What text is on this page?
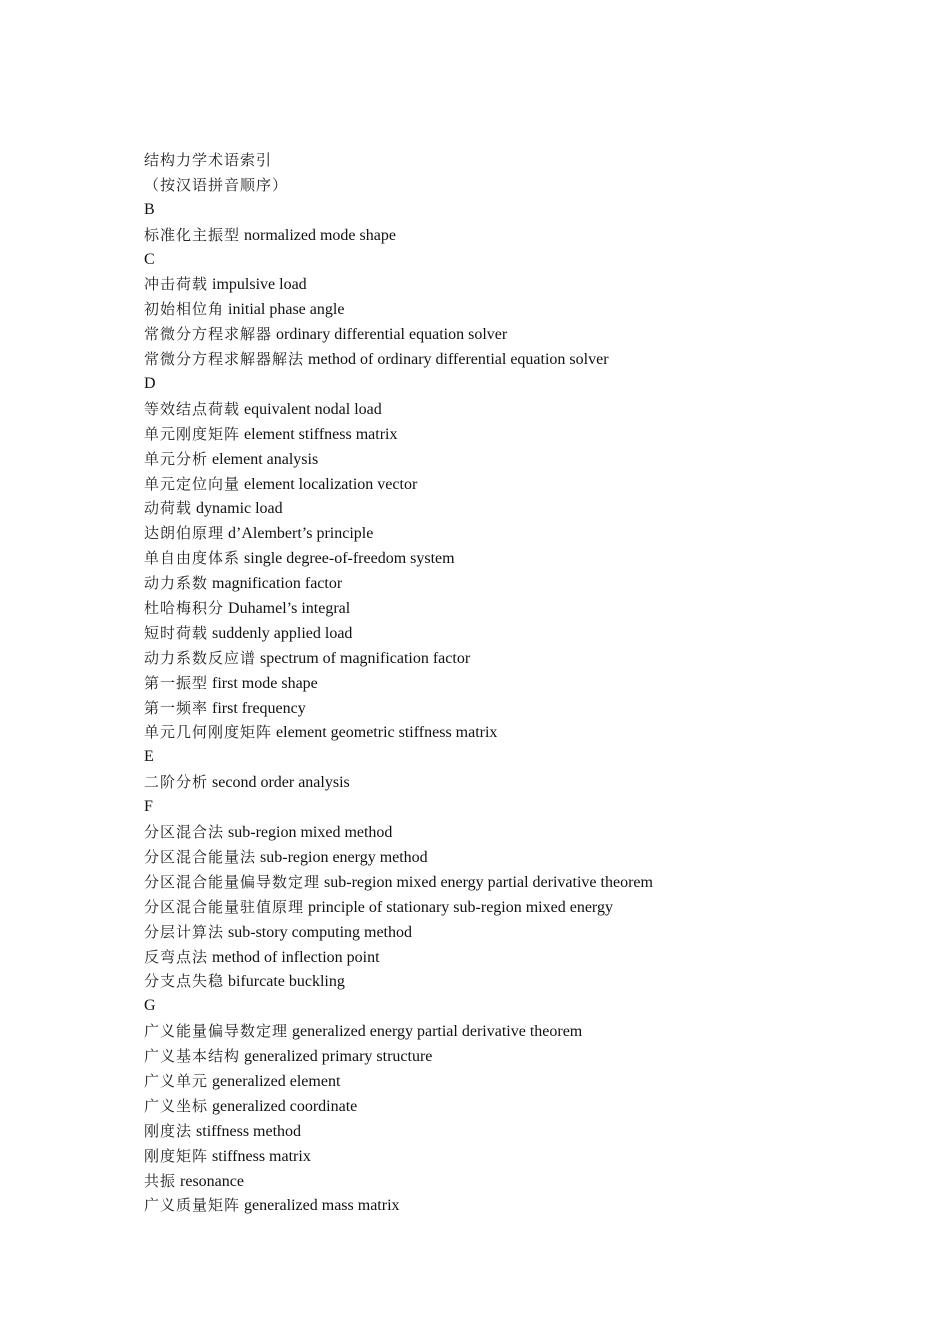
结构力学术语索引
（按汉语拼音顺序）
B
标准化主振型 normalized mode shape
C
冲击荷载 impulsive load
初始相位角 initial phase angle
常微分方程求解器 ordinary differential equation solver
常微分方程求解器解法 method of ordinary differential equation solver
D
等效结点荷载 equivalent nodal load
单元刚度矩阵 element stiffness matrix
单元分析 element analysis
单元定位向量 element localization vector
动荷载 dynamic load
达朗伯原理 d’Alembert’s principle
单自由度体系 single degree-of-freedom system
动力系数 magnification factor
杜哈梅积分 Duhamel’s integral
短时荷载 suddenly applied load
动力系数反应谱 spectrum of magnification factor
第一振型 first mode shape
第一频率 first frequency
单元几何刚度矩阵 element geometric stiffness matrix
E
二阶分析 second order analysis
F
分区混合法 sub-region mixed method
分区混合能量法 sub-region energy method
分区混合能量偏导数定理 sub-region mixed energy partial derivative theorem
分区混合能量驻值原理 principle of stationary sub-region mixed energy
分层计算法 sub-story computing method
反弯点法 method of inflection point
分支点失稳 bifurcate buckling
G
广义能量偏导数定理 generalized energy partial derivative theorem
广义基本结构 generalized primary structure
广义单元 generalized element
广义坐标 generalized coordinate
刚度法 stiffness method
刚度矩阵 stiffness matrix
共振 resonance
广义质量矩阵 generalized mass matrix
